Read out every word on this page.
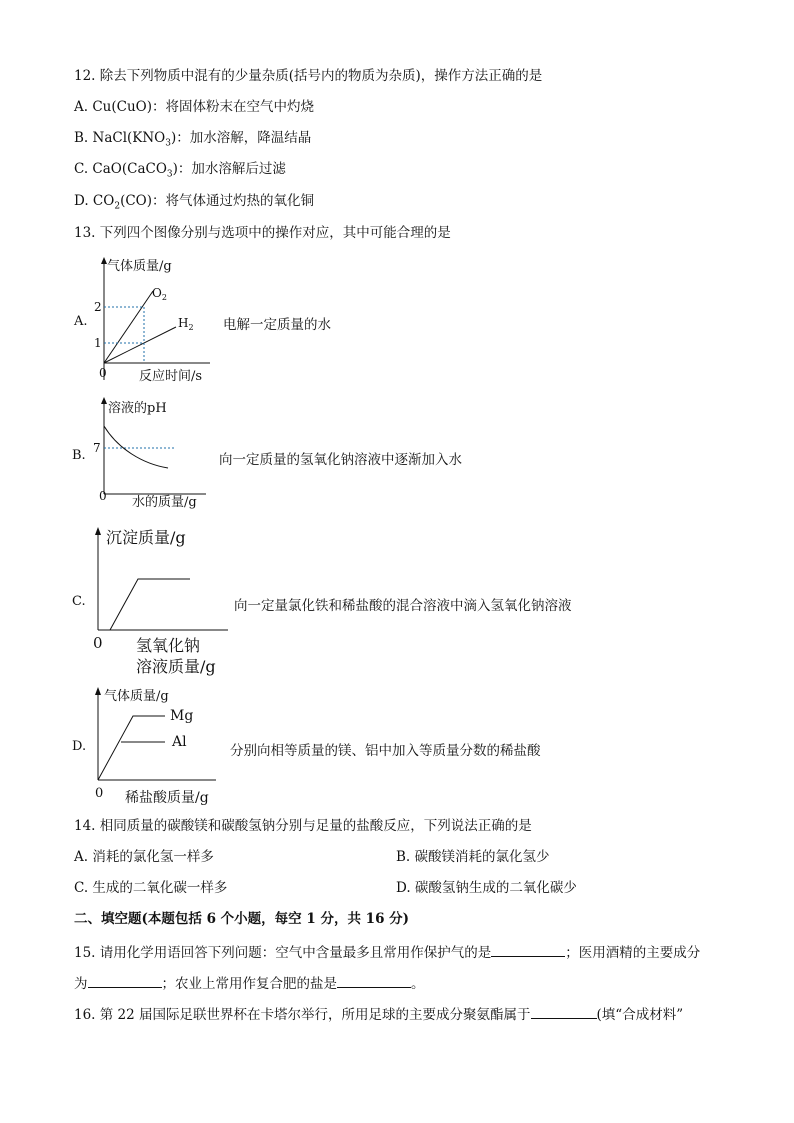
12. 除去下列物质中混有的少量杂质(括号内的物质为杂质)，操作方法正确的是
A. Cu(CuO)：将固体粉末在空气中灼烧
B. $NaCl(KNO_3)$：加水溶解，降温结晶
C. CaO(CaCO$_3$)：加水溶解后过滤
D. $CO_2(CO)$：将气体通过灼热的氧化铜
13. 下列四个图像分别与选项中的操作对应，其中可能合理的是
A.
气体质量/g
2
1
0 反应时间/s
$O_2$
$H_2$ 电解一定质量的水
B.
溶液的pH
7
0 水的质量/g
向一定质量的氢氧化钠溶液中逐渐加入水
C.
沉淀质量/g
0 氢氧化钠
溶液质量/g
向一定量氯化铁和稀盐酸的混合溶液中滴入氢氧化钠溶液
D.
气体质量/g
Mg
Al
0 稀盐酸质量/g
分别向相等质量的镁、铝中加入等质量分数的稀盐酸
14. 相同质量的碳酸镁和碳酸氢钠分别与足量的盐酸反应，下列说法正确的是
A. 消耗的氯化氢一样多	B. 碳酸镁消耗的氯化氢少
C. 生成的二氧化碳一样多	D. 碳酸氢钠生成的二氧化碳少
二、填空题(本题包括 6 个小题，每空 1 分，共 16 分)
15. 请用化学用语回答下列问题：空气中含量最多且常用作保护气的是	；医用酒精的主要成分
为	；农业上常用作复合肥的盐是	。
16. 第 22 届国际足联世界杯在卡塔尔举行，所用足球的主要成分聚氨酯属于	(填“合成材料”
